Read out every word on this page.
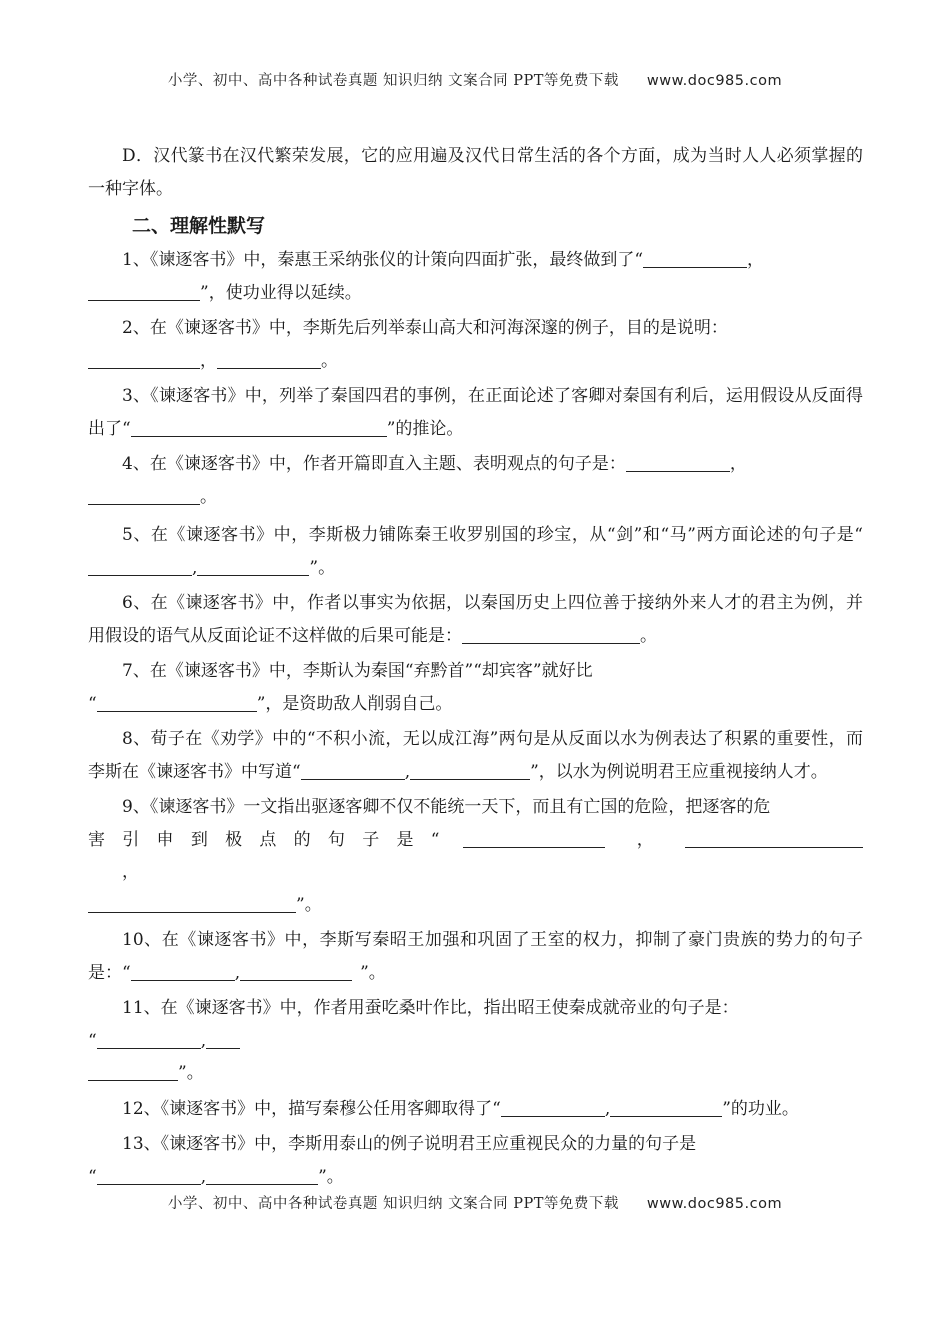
小学、初中、高中各种试卷真题 知识归纳 文案合同 PPT等免费下载 www.doc985.com

D．汉代篆书在汉代繁荣发展，它的应用遍及汉代日常生活的各个方面，成为当时人人必须掌握的一种字体。

二、理解性默写

1、《谏逐客书》中，秦惠王采纳张仪的计策向四面扩张，最终做到了“	，
”，使功业得以延续。

2、在《谏逐客书》中，李斯先后列举泰山高大和河海深邃的例子，目的是说明：
，	。

3、《谏逐客书》中，列举了秦国四君的事例，在正面论述了客卿对秦国有利后，运用假设从反面得出了“	”的推论。

4、在《谏逐客书》中，作者开篇即直入主题、表明观点的句子是：	，
。

5、在《谏逐客书》中，李斯极力铺陈秦王收罗别国的珍宝，从“剑”和“马”两方面论述的句子是“,	”。

6、在《谏逐客书》中，作者以事实为依据，以秦国历史上四位善于接纳外来人才的君主为例，并用假设的语气从反面论证不这样做的后果可能是：	。

7、在《谏逐客书》中，李斯认为秦国“弃黔首”“却宾客”就好比
“	”，是资助敌人削弱自己。

8、荀子在《劝学》中的“不积小流，无以成江海”两句是从反面以水为例表达了积累的重要性，而李斯在《谏逐客书》中写道“	,	”，以水为例说明君王应重视接纳人才。

9、《谏逐客书》一文指出驱逐客卿不仅不能统一天下，而且有亡国的危险，把逐客的危
害引申到极点的句子是“	，，
”。

10、在《谏逐客书》中，李斯写秦昭王加强和巩固了王室的权力，抑制了豪门贵族的势力的句子是：“	,	”。

11、在《谏逐客书》中，作者用蚕吃桑叶作比，指出昭王使秦成就帝业的句子是：
“	,
”。

12、《谏逐客书》中，描写秦穆公任用客卿取得了“	,	”的功业。

13、《谏逐客书》中，李斯用泰山的例子说明君王应重视民众的力量的句子是
“	,	”。

小学、初中、高中各种试卷真题 知识归纳 文案合同 PPT等免费下载 www.doc985.com
